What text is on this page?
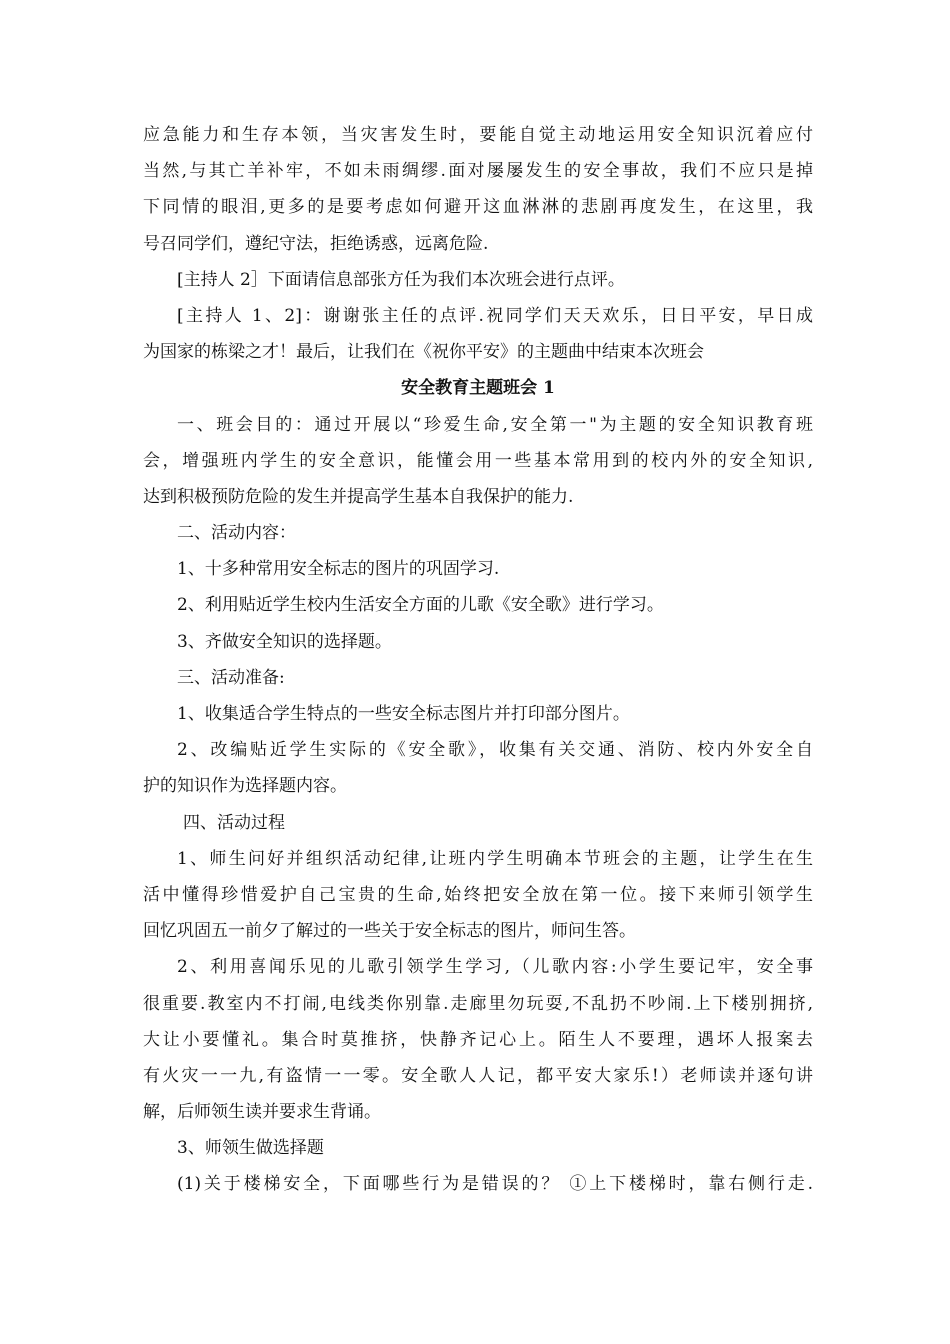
应急能力和生存本领，当灾害发生时，要能自觉主动地运用安全知识沉着应付
当然,与其亡羊补牢，不如未雨绸缪.面对屡屡发生的安全事故，我们不应只是掉
下同情的眼泪,更多的是要考虑如何避开这血淋淋的悲剧再度发生，在这里，我
号召同学们，遵纪守法，拒绝诱惑，远离危险.
[主持人 2］下面请信息部张方任为我们本次班会进行点评。
[主持人 1、2]：谢谢张主任的点评.祝同学们天天欢乐，日日平安，早日成
为国家的栋梁之才！最后，让我们在《祝你平安》的主题曲中结束本次班会
安全教育主题班会 1
一、班会目的：通过开展以“珍爱生命,安全第一"为主题的安全知识教育班
会，增强班内学生的安全意识，能懂会用一些基本常用到的校内外的安全知识,
达到积极预防危险的发生并提高学生基本自我保护的能力.
二、活动内容：
1、十多种常用安全标志的图片的巩固学习.
2、利用贴近学生校内生活安全方面的儿歌《安全歌》进行学习。
3、齐做安全知识的选择题。
三、活动准备:
1、收集适合学生特点的一些安全标志图片并打印部分图片。
2、改编贴近学生实际的《安全歌》，收集有关交通、消防、校内外安全自
护的知识作为选择题内容。
四、活动过程
1、师生问好并组织活动纪律,让班内学生明确本节班会的主题，让学生在生
活中懂得珍惜爱护自己宝贵的生命,始终把安全放在第一位。接下来师引领学生
回忆巩固五一前夕了解过的一些关于安全标志的图片，师问生答。
2、利用喜闻乐见的儿歌引领学生学习,（儿歌内容:小学生要记牢，安全事
很重要.教室内不打闹,电线类你别靠.走廊里勿玩耍,不乱扔不吵闹.上下楼别拥挤,
大让小要懂礼。集合时莫推挤，快静齐记心上。陌生人不要理，遇坏人报案去
有火灾一一九,有盗情一一零。安全歌人人记，都平安大家乐!）老师读并逐句讲
解，后师领生读并要求生背诵。
3、师领生做选择题
(1)关于楼梯安全，下面哪些行为是错误的？ ①上下楼梯时，靠右侧行走.
